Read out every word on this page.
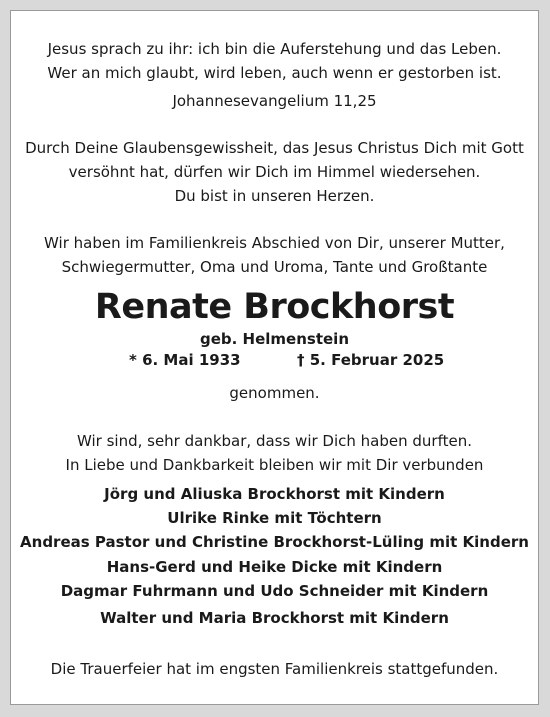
Jesus sprach zu ihr: ich bin die Auferstehung und das Leben.
Wer an mich glaubt, wird leben, auch wenn er gestorben ist.
Johannesevangelium 11,25
Durch Deine Glaubensgewissheit, das Jesus Christus Dich mit Gott
versöhnt hat, dürfen wir Dich im Himmel wiedersehen.
Du bist in unseren Herzen.
Wir haben im Familienkreis Abschied von Dir, unserer Mutter,
Schwiegermutter, Oma und Uroma, Tante und Großtante
Renate Brockhorst
geb. Helmenstein
* 6. Mai 1933	† 5. Februar 2025
genommen.
Wir sind, sehr dankbar, dass wir Dich haben durften.
In Liebe und Dankbarkeit bleiben wir mit Dir verbunden
Jörg und Aliuska Brockhorst mit Kindern
Ulrike Rinke mit Töchtern
Andreas Pastor und Christine Brockhorst-Lüling mit Kindern
Hans-Gerd und Heike Dicke mit Kindern
Dagmar Fuhrmann und Udo Schneider mit Kindern
Walter und Maria Brockhorst mit Kindern
Die Trauerfeier hat im engsten Familienkreis stattgefunden.
